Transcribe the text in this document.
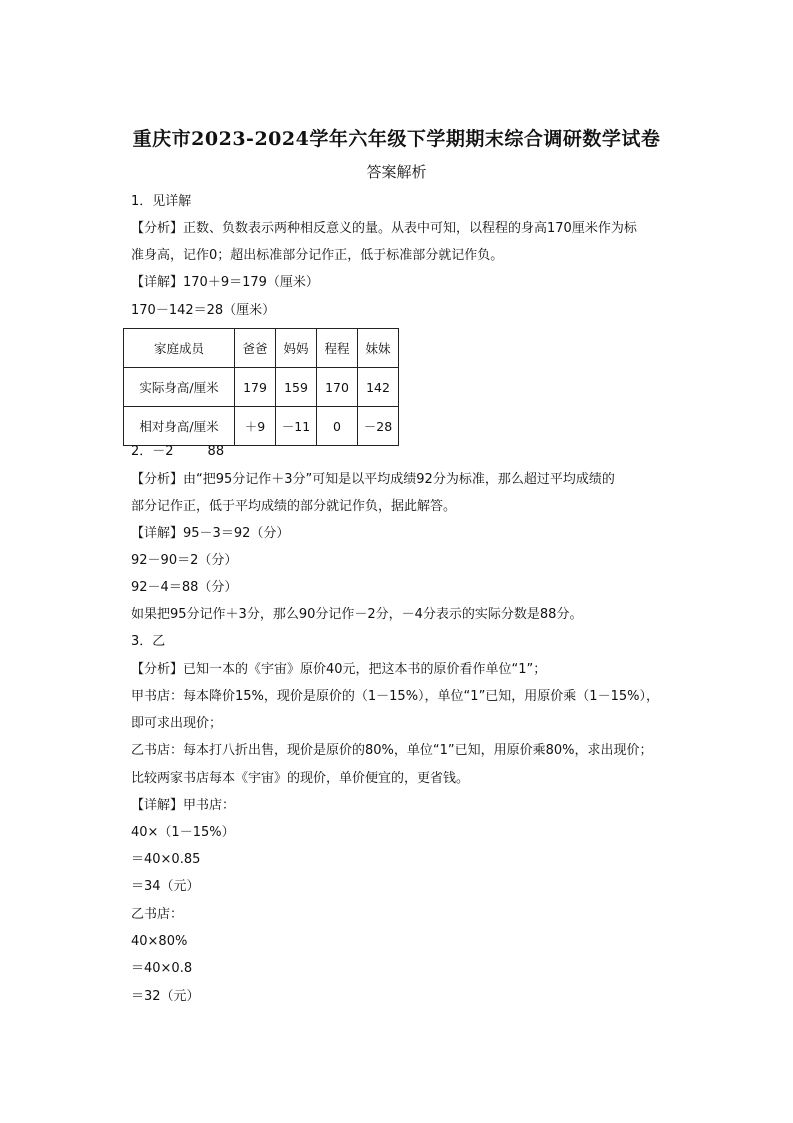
重庆市2023-2024学年六年级下学期期末综合调研数学试卷
答案解析
1．见详解
【分析】正数、负数表示两种相反意义的量。从表中可知，以程程的身高170厘米作为标
准身高，记作0；超出标准部分记作正，低于标准部分就记作负。
【详解】170＋9＝179（厘米）
170－142＝28（厘米）
家庭成员	爸爸	妈妈	程程	妹妹
实际身高/厘米	179	159	170	142
相对身高/厘米	＋9	－11	0	－28
2．－2	88
【分析】由“把95分记作＋3分”可知是以平均成绩92分为标准，那么超过平均成绩的
部分记作正，低于平均成绩的部分就记作负，据此解答。
【详解】95－3＝92（分）
92－90＝2（分）
92－4＝88（分）
如果把95分记作＋3分，那么90分记作－2分，－4分表示的实际分数是88分。
3．乙
【分析】已知一本的《宇宙》原价40元，把这本书的原价看作单位“1”；
甲书店：每本降价15%，现价是原价的（1－15%），单位“1”已知，用原价乘（1－15%），
即可求出现价；
乙书店：每本打八折出售，现价是原价的80%，单位“1”已知，用原价乘80%，求出现价；
比较两家书店每本《宇宙》的现价，单价便宜的，更省钱。
【详解】甲书店：
40×（1－15%）
＝40×0.85
＝34（元）
乙书店：
40×80%
＝40×0.8
＝32（元）
